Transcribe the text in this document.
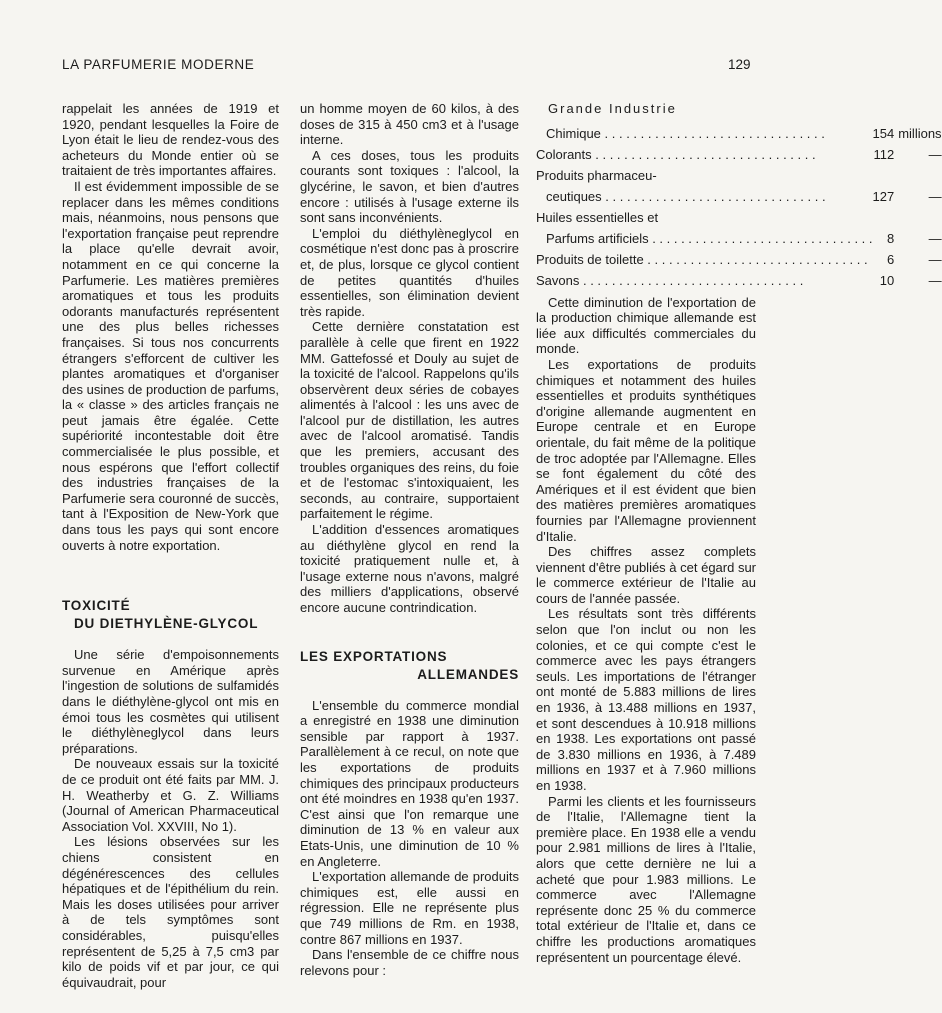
LA PARFUMERIE MODERNE	129

rappelait les années de 1919 et 1920, pendant lesquelles la Foire de Lyon était le lieu de rendez-vous des acheteurs du Monde entier où se traitaient de très importantes affaires.

Il est évidemment impossible de se replacer dans les mêmes conditions mais, néanmoins, nous pensons que l'exportation française peut reprendre la place qu'elle devrait avoir, notamment en ce qui concerne la Parfumerie. Les matières premières aromatiques et tous les produits odorants manufacturés représentent une des plus belles richesses françaises. Si tous nos concurrents étrangers s'efforcent de cultiver les plantes aromatiques et d'organiser des usines de production de parfums, la « classe » des articles français ne peut jamais être égalée. Cette supériorité incontestable doit être commercialisée le plus possible, et nous espérons que l'effort collectif des industries françaises de la Parfumerie sera couronné de succès, tant à l'Exposition de New-York que dans tous les pays qui sont encore ouverts à notre exportation.

TOXICITÉ
DU DIETHYLÈNE-GLYCOL

Une série d'empoisonnements survenue en Amérique après l'ingestion de solutions de sulfamidés dans le diéthylène-glycol ont mis en émoi tous les cosmètes qui utilisent le diéthylèneglycol dans leurs préparations.

De nouveaux essais sur la toxicité de ce produit ont été faits par MM. J. H. Weatherby et G. Z. Williams (Journal of American Pharmaceutical Association Vol. XXVIII, No 1).

Les lésions observées sur les chiens consistent en dégénérescences des cellules hépatiques et de l'épithélium du rein. Mais les doses utilisées pour arriver à de tels symptômes sont considérables, puisqu'elles représentent de 5,25 à 7,5 cm3 par kilo de poids vif et par jour, ce qui équivaudrait, pour

un homme moyen de 60 kilos, à des doses de 315 à 450 cm3 et à l'usage interne.

A ces doses, tous les produits courants sont toxiques : l'alcool, la glycérine, le savon, et bien d'autres encore : utilisés à l'usage externe ils sont sans inconvénients.

L'emploi du diéthylèneglycol en cosmétique n'est donc pas à proscrire et, de plus, lorsque ce glycol contient de petites quantités d'huiles essentielles, son élimination devient très rapide.

Cette dernière constatation est parallèle à celle que firent en 1922 MM. Gattefossé et Douly au sujet de la toxicité de l'alcool. Rappelons qu'ils observèrent deux séries de cobayes alimentés à l'alcool : les uns avec de l'alcool pur de distillation, les autres avec de l'alcool aromatisé. Tandis que les premiers, accusant des troubles organiques des reins, du foie et de l'estomac s'intoxiquaient, les seconds, au contraire, supportaient parfaitement le régime.

L'addition d'essences aromatiques au diéthylène glycol en rend la toxicité pratiquement nulle et, à l'usage externe nous n'avons, malgré des milliers d'applications, observé encore aucune contrindication.

LES EXPORTATIONS
ALLEMANDES

L'ensemble du commerce mondial a enregistré en 1938 une diminution sensible par rapport à 1937. Parallèlement à ce recul, on note que les exportations de produits chimiques des principaux producteurs ont été moindres en 1938 qu'en 1937. C'est ainsi que l'on remarque une diminution de 13 % en valeur aux Etats-Unis, une diminution de 10 % en Angleterre.

L'exportation allemande de produits chimiques est, elle aussi en régression. Elle ne représente plus que 749 millions de Rm. en 1938, contre 867 millions en 1937.

Dans l'ensemble de ce chiffre nous relevons pour :

Grande Industrie

Chimique . . .	154	millions
Colorants . . .	112	—
Produits pharmaceu-		
ceutiques . . .	127	—
Huiles essentielles et		
Parfums artificiels . . .	8	—
Produits de toilette . . .	6	—
Savons . . .	10	—

Cette diminution de l'exportation de la production chimique allemande est liée aux difficultés commerciales du monde.

Les exportations de produits chimiques et notamment des huiles essentielles et produits synthétiques d'origine allemande augmentent en Europe centrale et en Europe orientale, du fait même de la politique de troc adoptée par l'Allemagne. Elles se font également du côté des Amériques et il est évident que bien des matières premières aromatiques fournies par l'Allemagne proviennent d'Italie.

Des chiffres assez complets viennent d'être publiés à cet égard sur le commerce extérieur de l'Italie au cours de l'année passée.

Les résultats sont très différents selon que l'on inclut ou non les colonies, et ce qui compte c'est le commerce avec les pays étrangers seuls. Les importations de l'étranger ont monté de 5.883 millions de lires en 1936, à 13.488 millions en 1937, et sont descendues à 10.918 millions en 1938. Les exportations ont passé de 3.830 millions en 1936, à 7.489 millions en 1937 et à 7.960 millions en 1938.

Parmi les clients et les fournisseurs de l'Italie, l'Allemagne tient la première place. En 1938 elle a vendu pour 2.981 millions de lires à l'Italie, alors que cette dernière ne lui a acheté que pour 1.983 millions. Le commerce avec l'Allemagne représente donc 25 % du commerce total extérieur de l'Italie et, dans ce chiffre les productions aromatiques représentent un pourcentage élevé.
